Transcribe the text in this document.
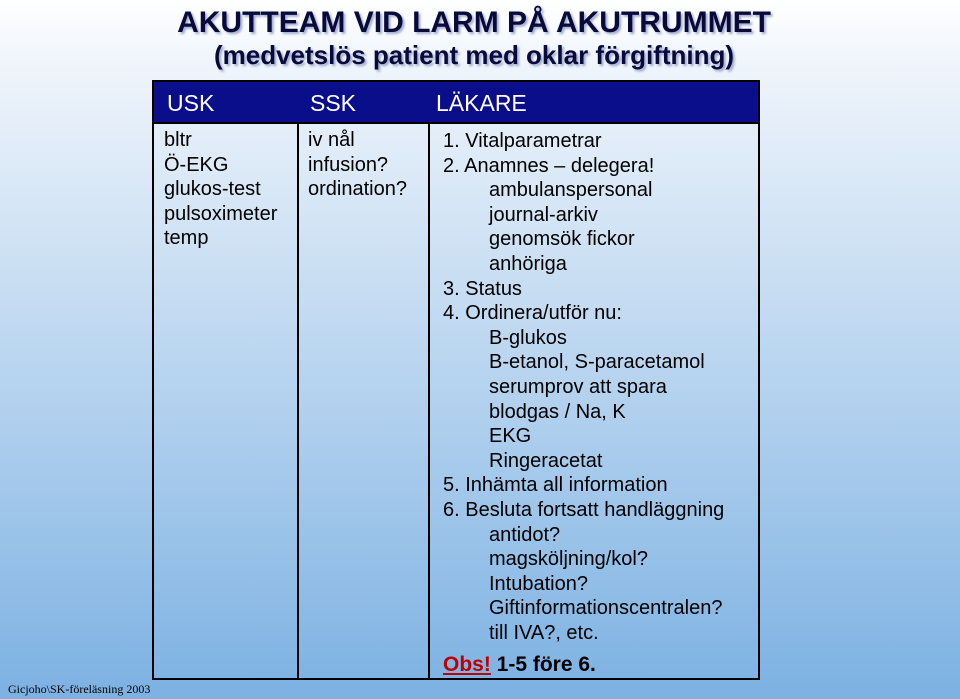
AKUTTEAM VID LARM PÅ AKUTRUMMET
(medvetslös patient med oklar förgiftning)
USK	SSK	LÄKARE
bltr
Ö-EKG
glukos-test
pulsoximeter
temp
iv nål
infusion?
ordination?
1. Vitalparametrar
2. Anamnes – delegera!
ambulanspersonal
journal-arkiv
genomsök fickor
anhöriga
3. Status
4. Ordinera/utför nu:
B-glukos
B-etanol, S-paracetamol
serumprov att spara
blodgas / Na, K
EKG
Ringeracetat
5. Inhämta all information
6. Besluta fortsatt handläggning
antidot?
magsköljning/kol?
Intubation?
Giftinformationscentralen?
till IVA?, etc.
Obs! 1-5 före 6.
Gicjoho\SK-föreläsning 2003
